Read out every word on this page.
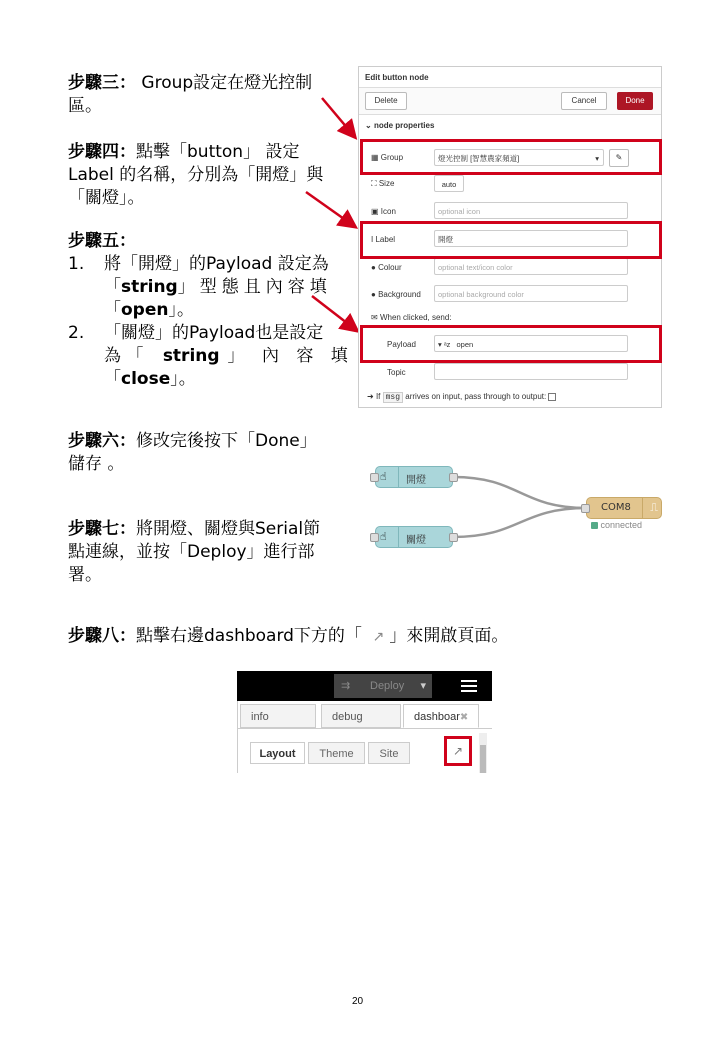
步驟三： Group設定在燈光控制
區。
步驟四：點擊「button」 設定
Label 的名稱，分別為「開燈」與
「關燈」。
步驟五：
1. 將「開燈」的Payload 設定為
「string」型態且內容填
「open」。
2. 「關燈」的Payload也是設定
為 「 string 」 內 容 填
「close」。
步驟六：修改完後按下「Done」
儲存 。
步驟七：將開燈、關燈與Serial節
點連線，並按「Deploy」進行部
署。
步驟八：點擊右邊dashboard下方的「 ↗ 」來開啟頁面。
Edit button node
Delete	Cancel	Done
⌄ node properties
▦ Group	燈光控制 [智慧農家頻道]	▾	✎
⛶ Size	auto
▣ Icon	optional icon
I Label	開燈
● Colour	optional text/icon color
● Background	optional background color
✉ When clicked, send:
Payload	▾ ᵃz open
Topic
➜ If msg arrives on input, pass through to output:
☝ 開燈
☝ 關燈
COM8 ⎍
connected
⇉ Deploy ▾
info	debug	dashboar✖
Layout	Theme	Site	↗
20
